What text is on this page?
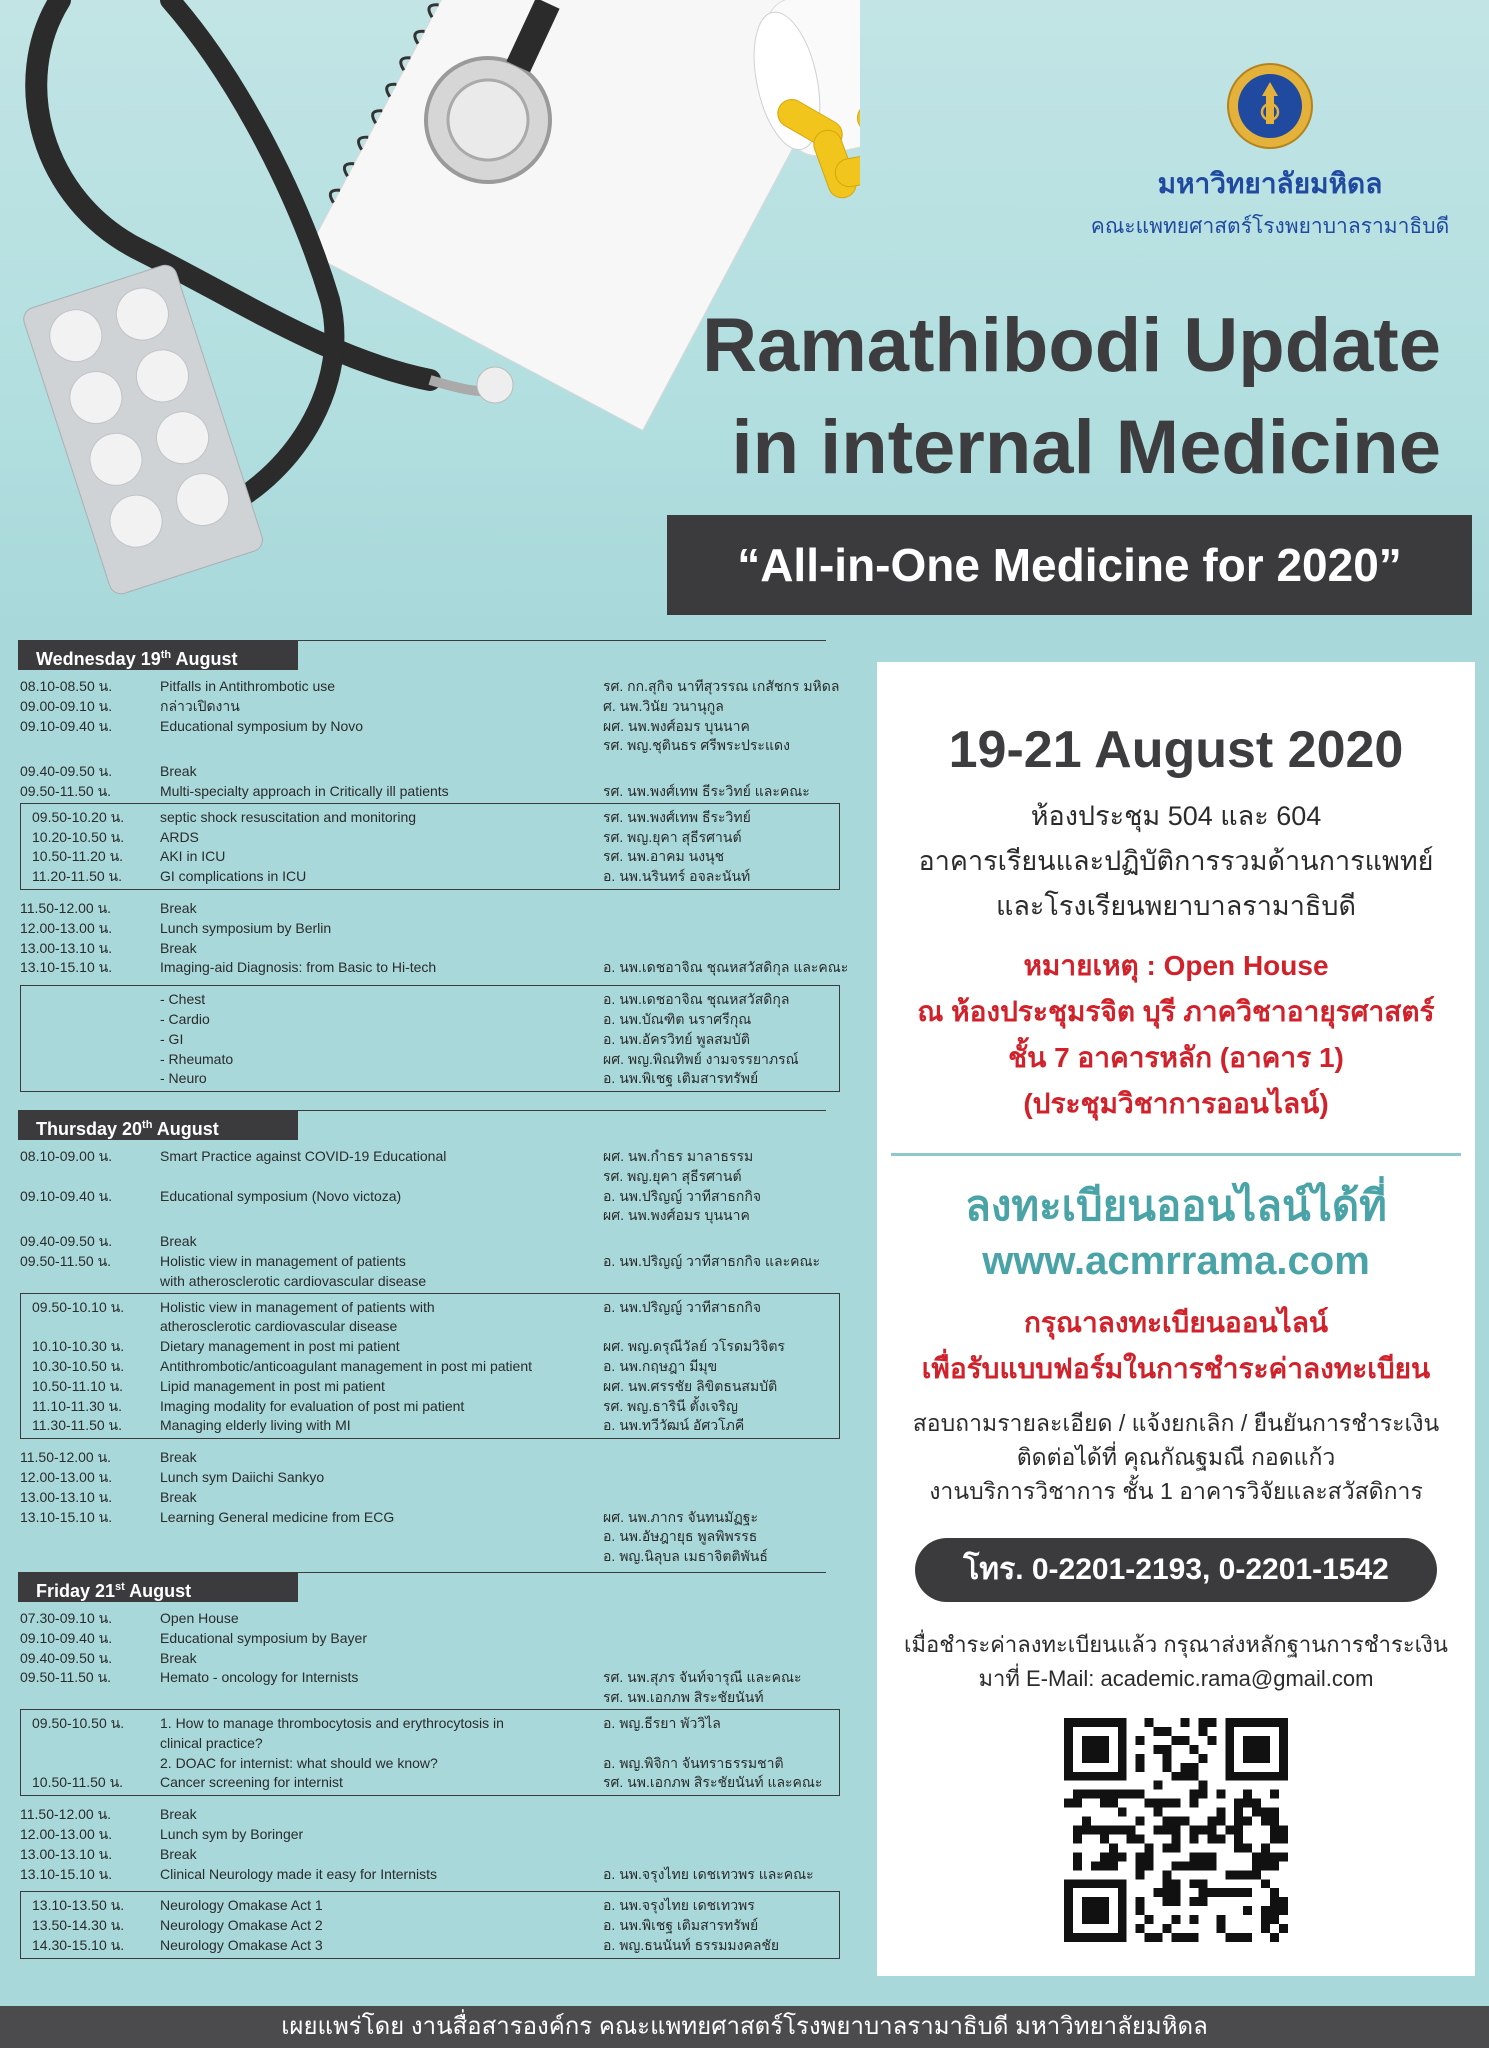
มหาวิทยาลัยมหิดล
คณะแพทยศาสตร์โรงพยาบาลรามาธิบดี
Ramathibodi Update
in internal Medicine
“All-in-One Medicine for 2020”
Wednesday 19th August
08.10-08.50 น.	Pitfalls in Antithrombotic use	รศ. กก.สุกิจ นาทีสุวรรณ เกสัชกร มหิดล
09.00-09.10 น.	กล่าวเปิดงาน	ศ. นพ.วินัย วนานุกูล
09.10-09.40 น.	Educational symposium by Novo	ผศ. นพ.พงศ์อมร บุนนาค
รศ. พญ.ชุตินธร ศรีพระประแดง
09.40-09.50 น.	Break
09.50-11.50 น.	Multi-specialty approach in Critically ill patients	รศ. นพ.พงศ์เทพ ธีระวิทย์ และคณะ
09.50-10.20 น.	septic shock resuscitation and monitoring	รศ. นพ.พงศ์เทพ ธีระวิทย์
10.20-10.50 น.	ARDS	รศ. พญ.ยุคา สุธีรศานต์
10.50-11.20 น.	AKI in ICU	รศ. นพ.อาคม นงนุช
11.20-11.50 น.	GI complications in ICU	อ. นพ.นรินทร์ อจละนันท์
11.50-12.00 น.	Break
12.00-13.00 น.	Lunch symposium by Berlin
13.00-13.10 น.	Break
13.10-15.10 น.	Imaging-aid Diagnosis: from Basic to Hi-tech	อ. นพ.เดชอาจิณ ชุณหสวัสดิกุล และคณะ
- Chest	อ. นพ.เดชอาจิณ ชุณหสวัสดิกุล
- Cardio	อ. นพ.บัณฑิต นราศรีกุณ
- GI	อ. นพ.อัครวิทย์ พูลสมบัติ
- Rheumato	ผศ. พญ.พิณทิพย์ งามจรรยาภรณ์
- Neuro	อ. นพ.พิเชฐ เติมสารทรัพย์
Thursday 20th August
08.10-09.00 น.	Smart Practice against COVID-19 Educational	ผศ. นพ.กำธร มาลาธรรม
รศ. พญ.ยุคา สุธีรศานต์
09.10-09.40 น.	Educational symposium (Novo victoza)	อ. นพ.ปริญญ์ วาทีสาธกกิจ
ผศ. นพ.พงศ์อมร บุนนาค
09.40-09.50 น.	Break
09.50-11.50 น.	Holistic view in management of patients	อ. นพ.ปริญญ์ วาทีสาธกกิจ และคณะ
with atherosclerotic cardiovascular disease
09.50-10.10 น.	Holistic view in management of patients with	อ. นพ.ปริญญ์ วาทีสาธกกิจ
atherosclerotic cardiovascular disease
10.10-10.30 น.	Dietary management in post mi patient	ผศ. พญ.ดรุณีวัลย์ วโรดมวิจิตร
10.30-10.50 น.	Antithrombotic/anticoagulant management in post mi patient	อ. นพ.กฤษฎา มีมุข
10.50-11.10 น.	Lipid management in post mi patient	ผศ. นพ.ศรรชัย ลิขิตธนสมบัติ
11.10-11.30 น.	Imaging modality for evaluation of post mi patient	รศ. พญ.ธารินี ตั้งเจริญ
11.30-11.50 น.	Managing elderly living with MI	อ. นพ.ทวีวัฒน์ อัศวโภคี
11.50-12.00 น.	Break
12.00-13.00 น.	Lunch sym Daiichi Sankyo
13.00-13.10 น.	Break
13.10-15.10 น.	Learning General medicine from ECG	ผศ. นพ.ภากร จันทนมัฏฐะ
อ. นพ.อัษฎายุธ พูลพิพรรธ
อ. พญ.นิลุบล เมธาจิตติพันธ์
Friday 21st August
07.30-09.10 น.	Open House
09.10-09.40 น.	Educational symposium by Bayer
09.40-09.50 น.	Break
09.50-11.50 น.	Hemato - oncology for Internists	รศ. นพ.สุภร จันท์จารุณี และคณะ
รศ. นพ.เอกภพ สิระชัยนันท์
09.50-10.50 น.	1. How to manage thrombocytosis and erythrocytosis in	อ. พญ.ธีรยา พัววิไล
clinical practice?
2. DOAC for internist: what should we know?	อ. พญ.พิจิกา จันทราธรรมชาติ
10.50-11.50 น.	Cancer screening for internist	รศ. นพ.เอกภพ สิระชัยนันท์ และคณะ
11.50-12.00 น.	Break
12.00-13.00 น.	Lunch sym by Boringer
13.00-13.10 น.	Break
13.10-15.10 น.	Clinical Neurology made it easy for Internists	อ. นพ.จรุงไทย เดชเทวพร และคณะ
13.10-13.50 น.	Neurology Omakase Act 1	อ. นพ.จรุงไทย เดชเทวพร
13.50-14.30 น.	Neurology Omakase Act 2	อ. นพ.พิเชฐ เติมสารทรัพย์
14.30-15.10 น.	Neurology Omakase Act 3	อ. พญ.ธนนันท์ ธรรมมงคลชัย
19-21 August 2020
ห้องประชุม 504 และ 604
อาคารเรียนและปฏิบัติการรวมด้านการแพทย์
และโรงเรียนพยาบาลรามาธิบดี
หมายเหตุ : Open House
ณ ห้องประชุมรจิต บุรี ภาควิชาอายุรศาสตร์
ชั้น 7 อาคารหลัก (อาคาร 1)
(ประชุมวิชาการออนไลน์)
ลงทะเบียนออนไลน์ได้ที่
www.acmrrama.com
กรุณาลงทะเบียนออนไลน์
เพื่อรับแบบฟอร์มในการชำระค่าลงทะเบียน
สอบถามรายละเอียด / แจ้งยกเลิก / ยืนยันการชำระเงิน
ติดต่อได้ที่ คุณกัณฐมณี กอดแก้ว
งานบริการวิชาการ ชั้น 1 อาคารวิจัยและสวัสดิการ
โทร. 0-2201-2193, 0-2201-1542
เมื่อชำระค่าลงทะเบียนแล้ว กรุณาส่งหลักฐานการชำระเงิน
มาที่ E-Mail: academic.rama@gmail.com
เผยแพร่โดย งานสื่อสารองค์กร คณะแพทยศาสตร์โรงพยาบาลรามาธิบดี มหาวิทยาลัยมหิดล
